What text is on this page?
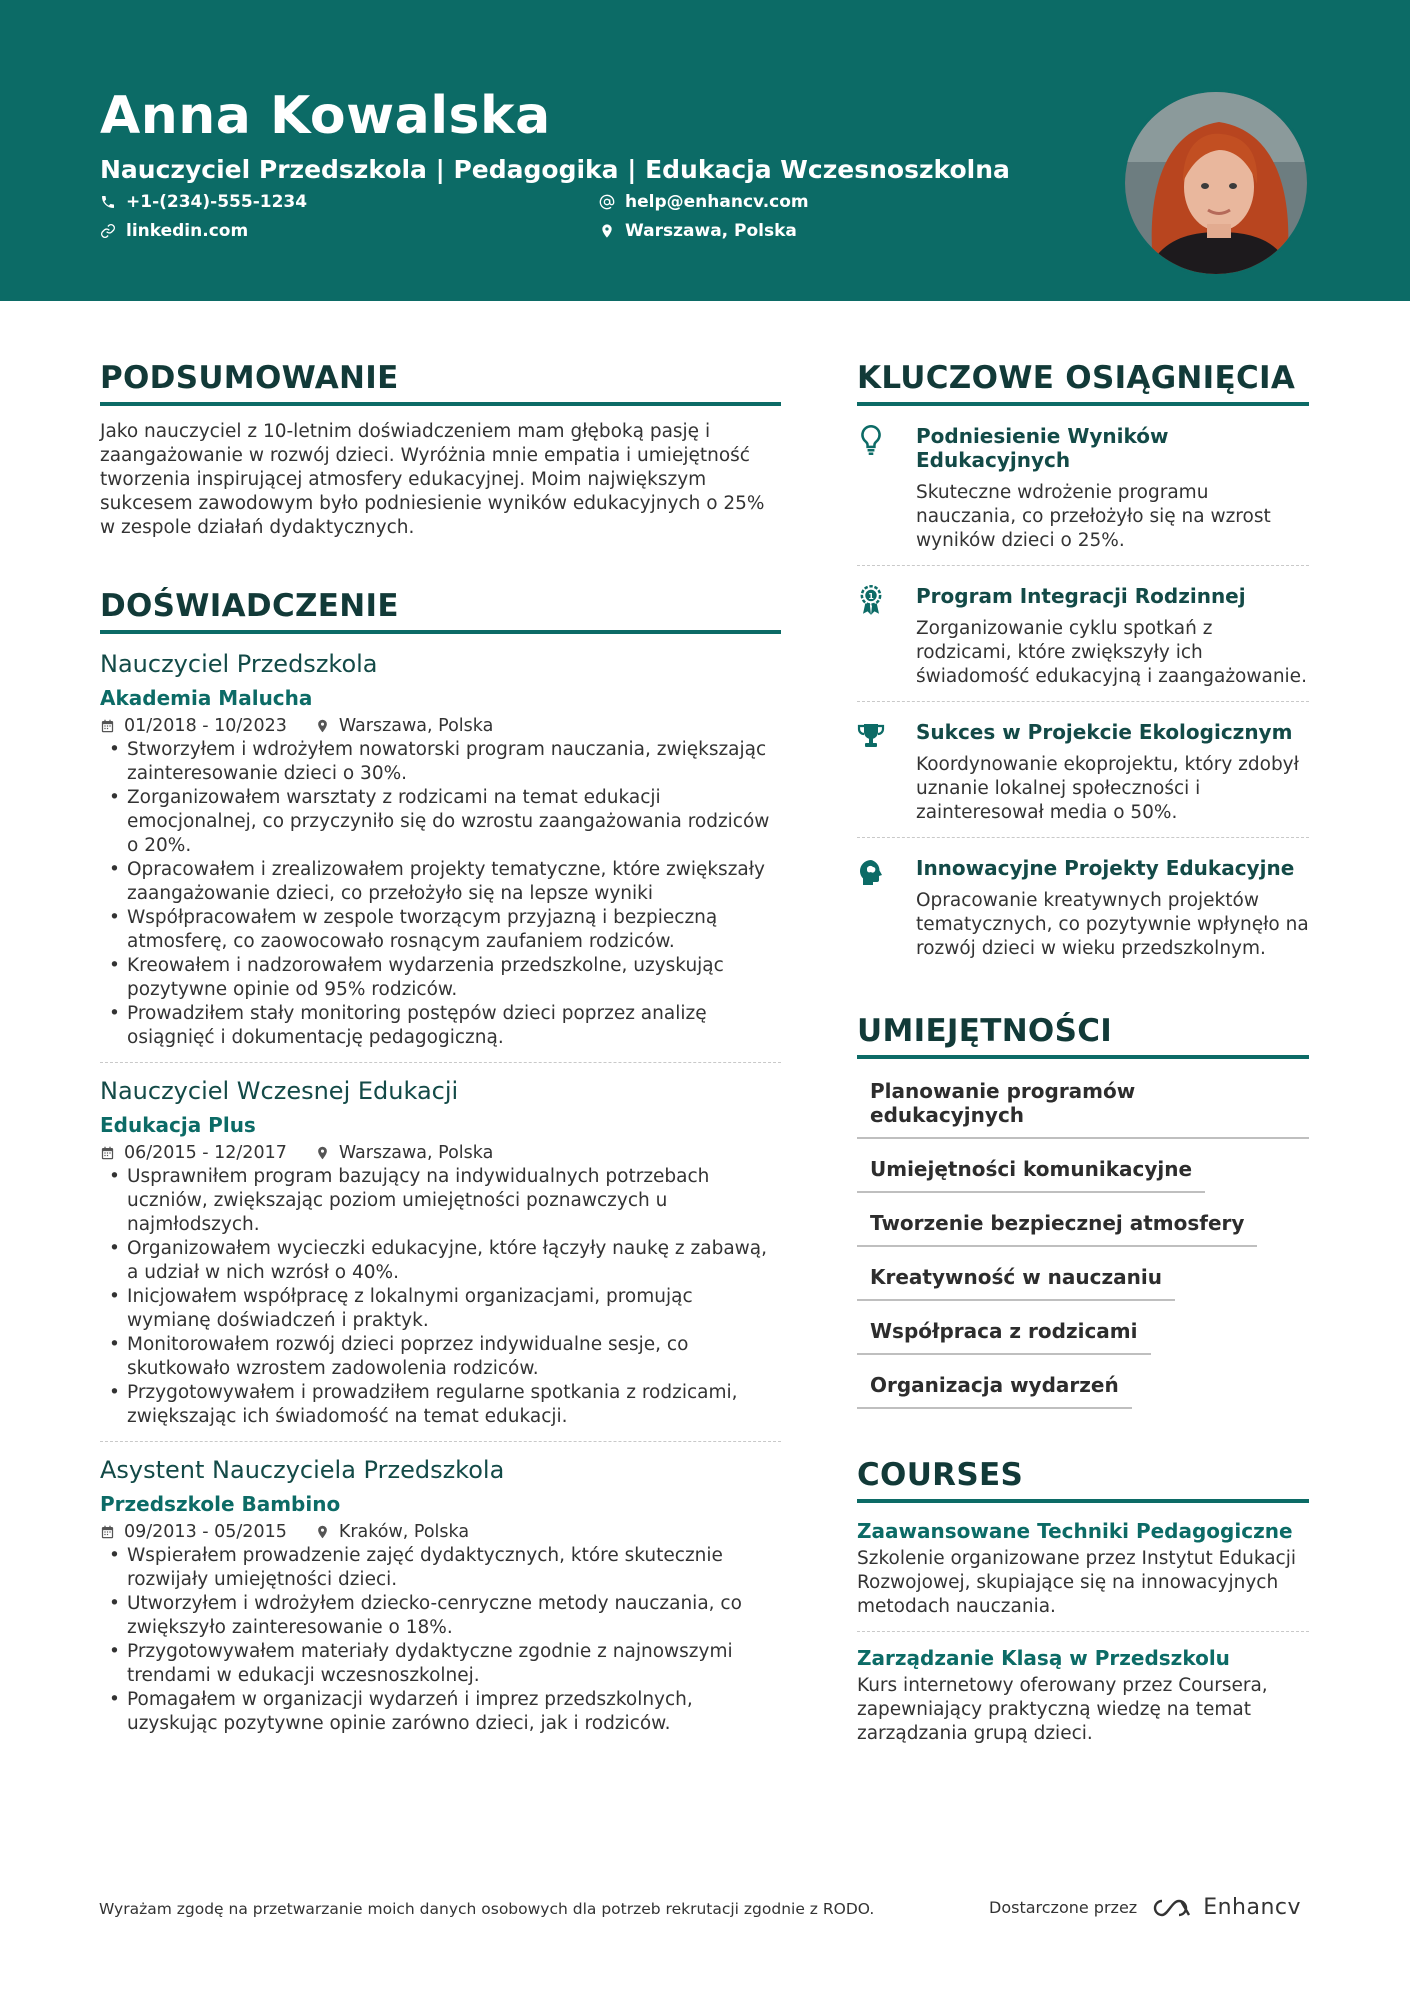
Anna Kowalska
Nauczyciel Przedszkola | Pedagogika | Edukacja Wczesnoszkolna
+1-(234)-555-1234	help@enhancv.com
linkedin.com	Warszawa, Polska
PODSUMOWANIE
Jako nauczyciel z 10-letnim doświadczeniem mam głęboką pasję i zaangażowanie w rozwój dzieci. Wyróżnia mnie empatia i umiejętność tworzenia inspirującej atmosfery edukacyjnej. Moim największym sukcesem zawodowym było podniesienie wyników edukacyjnych o 25% w zespole działań dydaktycznych.
DOŚWIADCZENIE
Nauczyciel Przedszkola
Akademia Malucha
01/2018 - 10/2023	Warszawa, Polska
• Stworzyłem i wdrożyłem nowatorski program nauczania, zwiększając zainteresowanie dzieci o 30%.
• Zorganizowałem warsztaty z rodzicami na temat edukacji emocjonalnej, co przyczyniło się do wzrostu zaangażowania rodziców o 20%.
• Opracowałem i zrealizowałem projekty tematyczne, które zwiększały zaangażowanie dzieci, co przełożyło się na lepsze wyniki
• Współpracowałem w zespole tworzącym przyjazną i bezpieczną atmosferę, co zaowocowało rosnącym zaufaniem rodziców.
• Kreowałem i nadzorowałem wydarzenia przedszkolne, uzyskując pozytywne opinie od 95% rodziców.
• Prowadziłem stały monitoring postępów dzieci poprzez analizę osiągnięć i dokumentację pedagogiczną.
Nauczyciel Wczesnej Edukacji
Edukacja Plus
06/2015 - 12/2017	Warszawa, Polska
• Usprawniłem program bazujący na indywidualnych potrzebach uczniów, zwiększając poziom umiejętności poznawczych u najmłodszych.
• Organizowałem wycieczki edukacyjne, które łączyły naukę z zabawą, a udział w nich wzrósł o 40%.
• Inicjowałem współpracę z lokalnymi organizacjami, promując wymianę doświadczeń i praktyk.
• Monitorowałem rozwój dzieci poprzez indywidualne sesje, co skutkowało wzrostem zadowolenia rodziców.
• Przygotowywałem i prowadziłem regularne spotkania z rodzicami, zwiększając ich świadomość na temat edukacji.
Asystent Nauczyciela Przedszkola
Przedszkole Bambino
09/2013 - 05/2015	Kraków, Polska
• Wspierałem prowadzenie zajęć dydaktycznych, które skutecznie rozwijały umiejętności dzieci.
• Utworzyłem i wdrożyłem dziecko-cenryczne metody nauczania, co zwiększyło zainteresowanie o 18%.
• Przygotowywałem materiały dydaktyczne zgodnie z najnowszymi trendami w edukacji wczesnoszkolnej.
• Pomagałem w organizacji wydarzeń i imprez przedszkolnych, uzyskując pozytywne opinie zarówno dzieci, jak i rodziców.
KLUCZOWE OSIĄGNIĘCIA
Podniesienie Wyników Edukacyjnych
Skuteczne wdrożenie programu nauczania, co przełożyło się na wzrost wyników dzieci o 25%.
1 Program Integracji Rodzinnej
Zorganizowanie cyklu spotkań z rodzicami, które zwiększyły ich świadomość edukacyjną i zaangażowanie.
Sukces w Projekcie Ekologicznym
Koordynowanie ekoprojektu, który zdobył uznanie lokalnej społeczności i zainteresował media o 50%.
Innowacyjne Projekty Edukacyjne
Opracowanie kreatywnych projektów tematycznych, co pozytywnie wpłynęło na rozwój dzieci w wieku przedszkolnym.
UMIEJĘTNOŚCI
Planowanie programów edukacyjnych
Umiejętności komunikacyjne
Tworzenie bezpiecznej atmosfery
Kreatywność w nauczaniu
Współpraca z rodzicami
Organizacja wydarzeń
COURSES
Zaawansowane Techniki Pedagogiczne
Szkolenie organizowane przez Instytut Edukacji Rozwojowej, skupiające się na innowacyjnych metodach nauczania.
Zarządzanie Klasą w Przedszkolu
Kurs internetowy oferowany przez Coursera, zapewniający praktyczną wiedzę na temat zarządzania grupą dzieci.
Wyrażam zgodę na przetwarzanie moich danych osobowych dla potrzeb rekrutacji zgodnie z RODO.	Dostarczone przez	Enhancv
